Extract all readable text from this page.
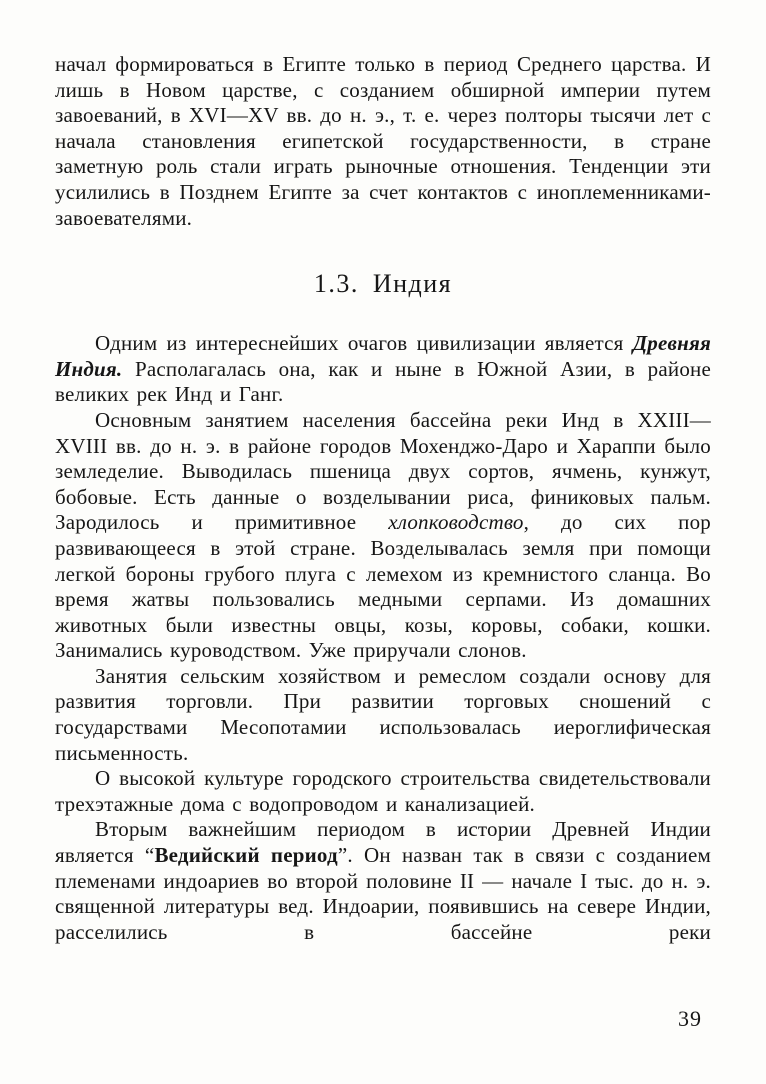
начал формироваться в Египте только в период Среднего царства. И лишь в Новом царстве, с созданием обширной империи путем завоеваний, в XVI—XV вв. до н. э., т. е. через полторы тысячи лет с начала становления египетской государственности, в стране заметную роль стали играть рыночные отношения. Тенденции эти усилились в Позднем Египте за счет контактов с иноплеменниками-завоевателями.

1.3. Индия

Одним из интереснейших очагов цивилизации является Древняя Индия. Располагалась она, как и ныне в Южной Азии, в районе великих рек Инд и Ганг.

Основным занятием населения бассейна реки Инд в XXIII—XVIII вв. до н. э. в районе городов Мохенджо-Даро и Хараппи было земледелие. Выводилась пшеница двух сортов, ячмень, кунжут, бобовые. Есть данные о возделывании риса, финиковых пальм. Зародилось и примитивное хлопководство, до сих пор развивающееся в этой стране. Возделывалась земля при помощи легкой бороны грубого плуга с лемехом из кремнистого сланца. Во время жатвы пользовались медными серпами. Из домашних животных были известны овцы, козы, коровы, собаки, кошки. Занимались куроводством. Уже приручали слонов.

Занятия сельским хозяйством и ремеслом создали основу для развития торговли. При развитии торговых сношений с государствами Месопотамии использовалась иероглифическая письменность.

О высокой культуре городского строительства свидетельствовали трехэтажные дома с водопроводом и канализацией.

Вторым важнейшим периодом в истории Древней Индии является “Ведийский период”. Он назван так в связи с созданием племенами индоариев во второй половине II — начале I тыс. до н. э. священной литературы вед. Индоарии, появившись на севере Индии, расселились в бассейне реки

39
